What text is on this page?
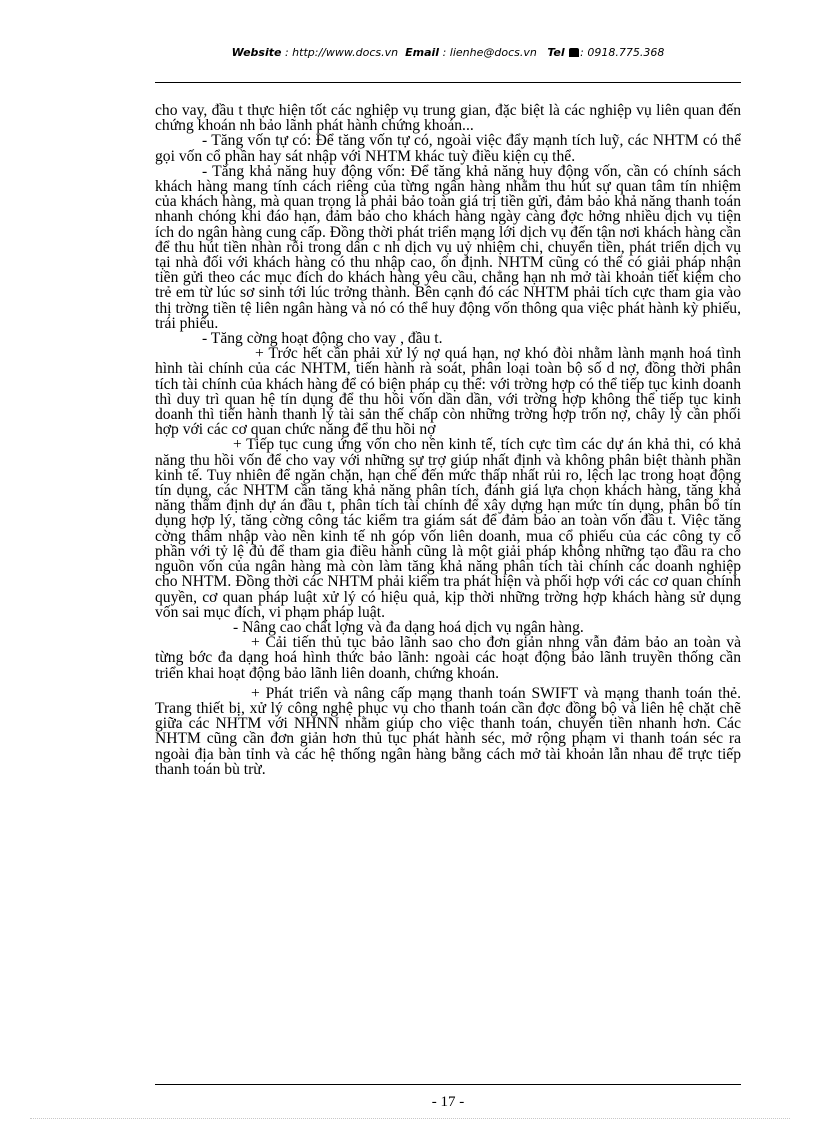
Website : http://www.docs.vn Email : lienhe@docs.vn Tel : 0918.775.368

cho vay, đầu t thực hiện tốt các nghiệp vụ trung gian, đặc biệt là các nghiệp vụ liên quan đến chứng khoán nh bảo lãnh phát hành chứng khoán...

- Tăng vốn tự có: Để tăng vốn tự có, ngoài việc đẩy mạnh tích luỹ, các NHTM có thể gọi vốn cổ phần hay sát nhập với NHTM khác tuỳ điều kiện cụ thể.

- Tăng khả năng huy động vốn: Để tăng khả năng huy động vốn, cần có chính sách khách hàng mang tính cách riêng của từng ngân hàng nhằm thu hút sự quan tâm tín nhiệm của khách hàng, mà quan trọng là phải bảo toàn giá trị tiền gửi, đảm bảo khả năng thanh toán nhanh chóng khi đáo hạn, đảm bảo cho khách hàng ngày càng đợc hởng nhiều dịch vụ tiện ích do ngân hàng cung cấp. Đồng thời phát triển mạng lới dịch vụ đến tận nơi khách hàng cần để thu hút tiền nhàn rỗi trong dân c nh dịch vụ uỷ nhiệm chi, chuyển tiền, phát triển dịch vụ tại nhà đối với khách hàng có thu nhập cao, ổn định. NHTM cũng có thể có giải pháp nhận tiền gửi theo các mục đích do khách hàng yêu cầu, chẳng hạn nh mở tài khoản tiết kiệm cho trẻ em từ lúc sơ sinh tới lúc trởng thành. Bên cạnh đó các NHTM phải tích cực tham gia vào thị trờng tiền tệ liên ngân hàng và nó có thể huy động vốn thông qua việc phát hành kỳ phiếu, trái phiếu.

- Tăng cờng hoạt động cho vay , đầu t.

+ Trớc hết cần phải xử lý nợ quá hạn, nợ khó đòi nhằm lành mạnh hoá tình hình tài chính của các NHTM, tiến hành rà soát, phân loại toàn bộ số d nợ, đồng thời phân tích tài chính của khách hàng để có biện pháp cụ thể: với trờng hợp có thể tiếp tục kinh doanh thì duy trì quan hệ tín dụng để thu hồi vốn dần dần, với trờng hợp không thể tiếp tục kinh doanh thì tiến hành thanh lý tài sản thế chấp còn những trờng hợp trốn nợ, chây lỳ cần phối hợp với các cơ quan chức năng để thu hồi nợ

+ Tiếp tục cung ứng vốn cho nền kinh tế, tích cực tìm các dự án khả thi, có khả năng thu hồi vốn để cho vay với những sự trợ giúp nhất định và không phân biệt thành phần kinh tế. Tuy nhiên để ngăn chặn, hạn chế đến mức thấp nhất rủi ro, lệch lạc trong hoạt động tín dụng, các NHTM cần tăng khả năng phân tích, đánh giá lựa chọn khách hàng, tăng khả năng thẩm định dự án đầu t, phân tích tài chính để xây dựng hạn mức tín dụng, phân bổ tín dụng hợp lý, tăng cờng công tác kiểm tra giám sát để đảm bảo an toàn vốn đầu t. Việc tăng cờng thâm nhập vào nền kinh tế nh góp vốn liên doanh, mua cổ phiếu của các công ty cổ phần với tỷ lệ đủ để tham gia điều hành cũng là một giải pháp không những tạo đầu ra cho nguồn vốn của ngân hàng mà còn làm tăng khả năng phân tích tài chính các doanh nghiệp cho NHTM. Đồng thời các NHTM phải kiểm tra phát hiện và phối hợp với các cơ quan chính quyền, cơ quan pháp luật xử lý có hiệu quả, kịp thời những trờng hợp khách hàng sử dụng vốn sai mục đích, vi phạm pháp luật.

- Nâng cao chất lợng và đa dạng hoá dịch vụ ngân hàng.

+ Cải tiến thủ tục bảo lãnh sao cho đơn giản nhng vẫn đảm bảo an toàn và từng bớc đa dạng hoá hình thức bảo lãnh: ngoài các hoạt động bảo lãnh truyền thống cần triển khai hoạt động bảo lãnh liên doanh, chứng khoán.

+ Phát triển và nâng cấp mạng thanh toán SWIFT và mạng thanh toán thẻ. Trang thiết bị, xử lý công nghệ phục vụ cho thanh toán cần đợc đồng bộ và liên hệ chặt chẽ giữa các NHTM với NHNN nhằm giúp cho việc thanh toán, chuyển tiền nhanh hơn. Các NHTM cũng cần đơn giản hơn thủ tục phát hành séc, mở rộng phạm vi thanh toán séc ra ngoài địa bàn tỉnh và các hệ thống ngân hàng bằng cách mở tài khoản lẫn nhau để trực tiếp thanh toán bù trừ.

- 17 -
